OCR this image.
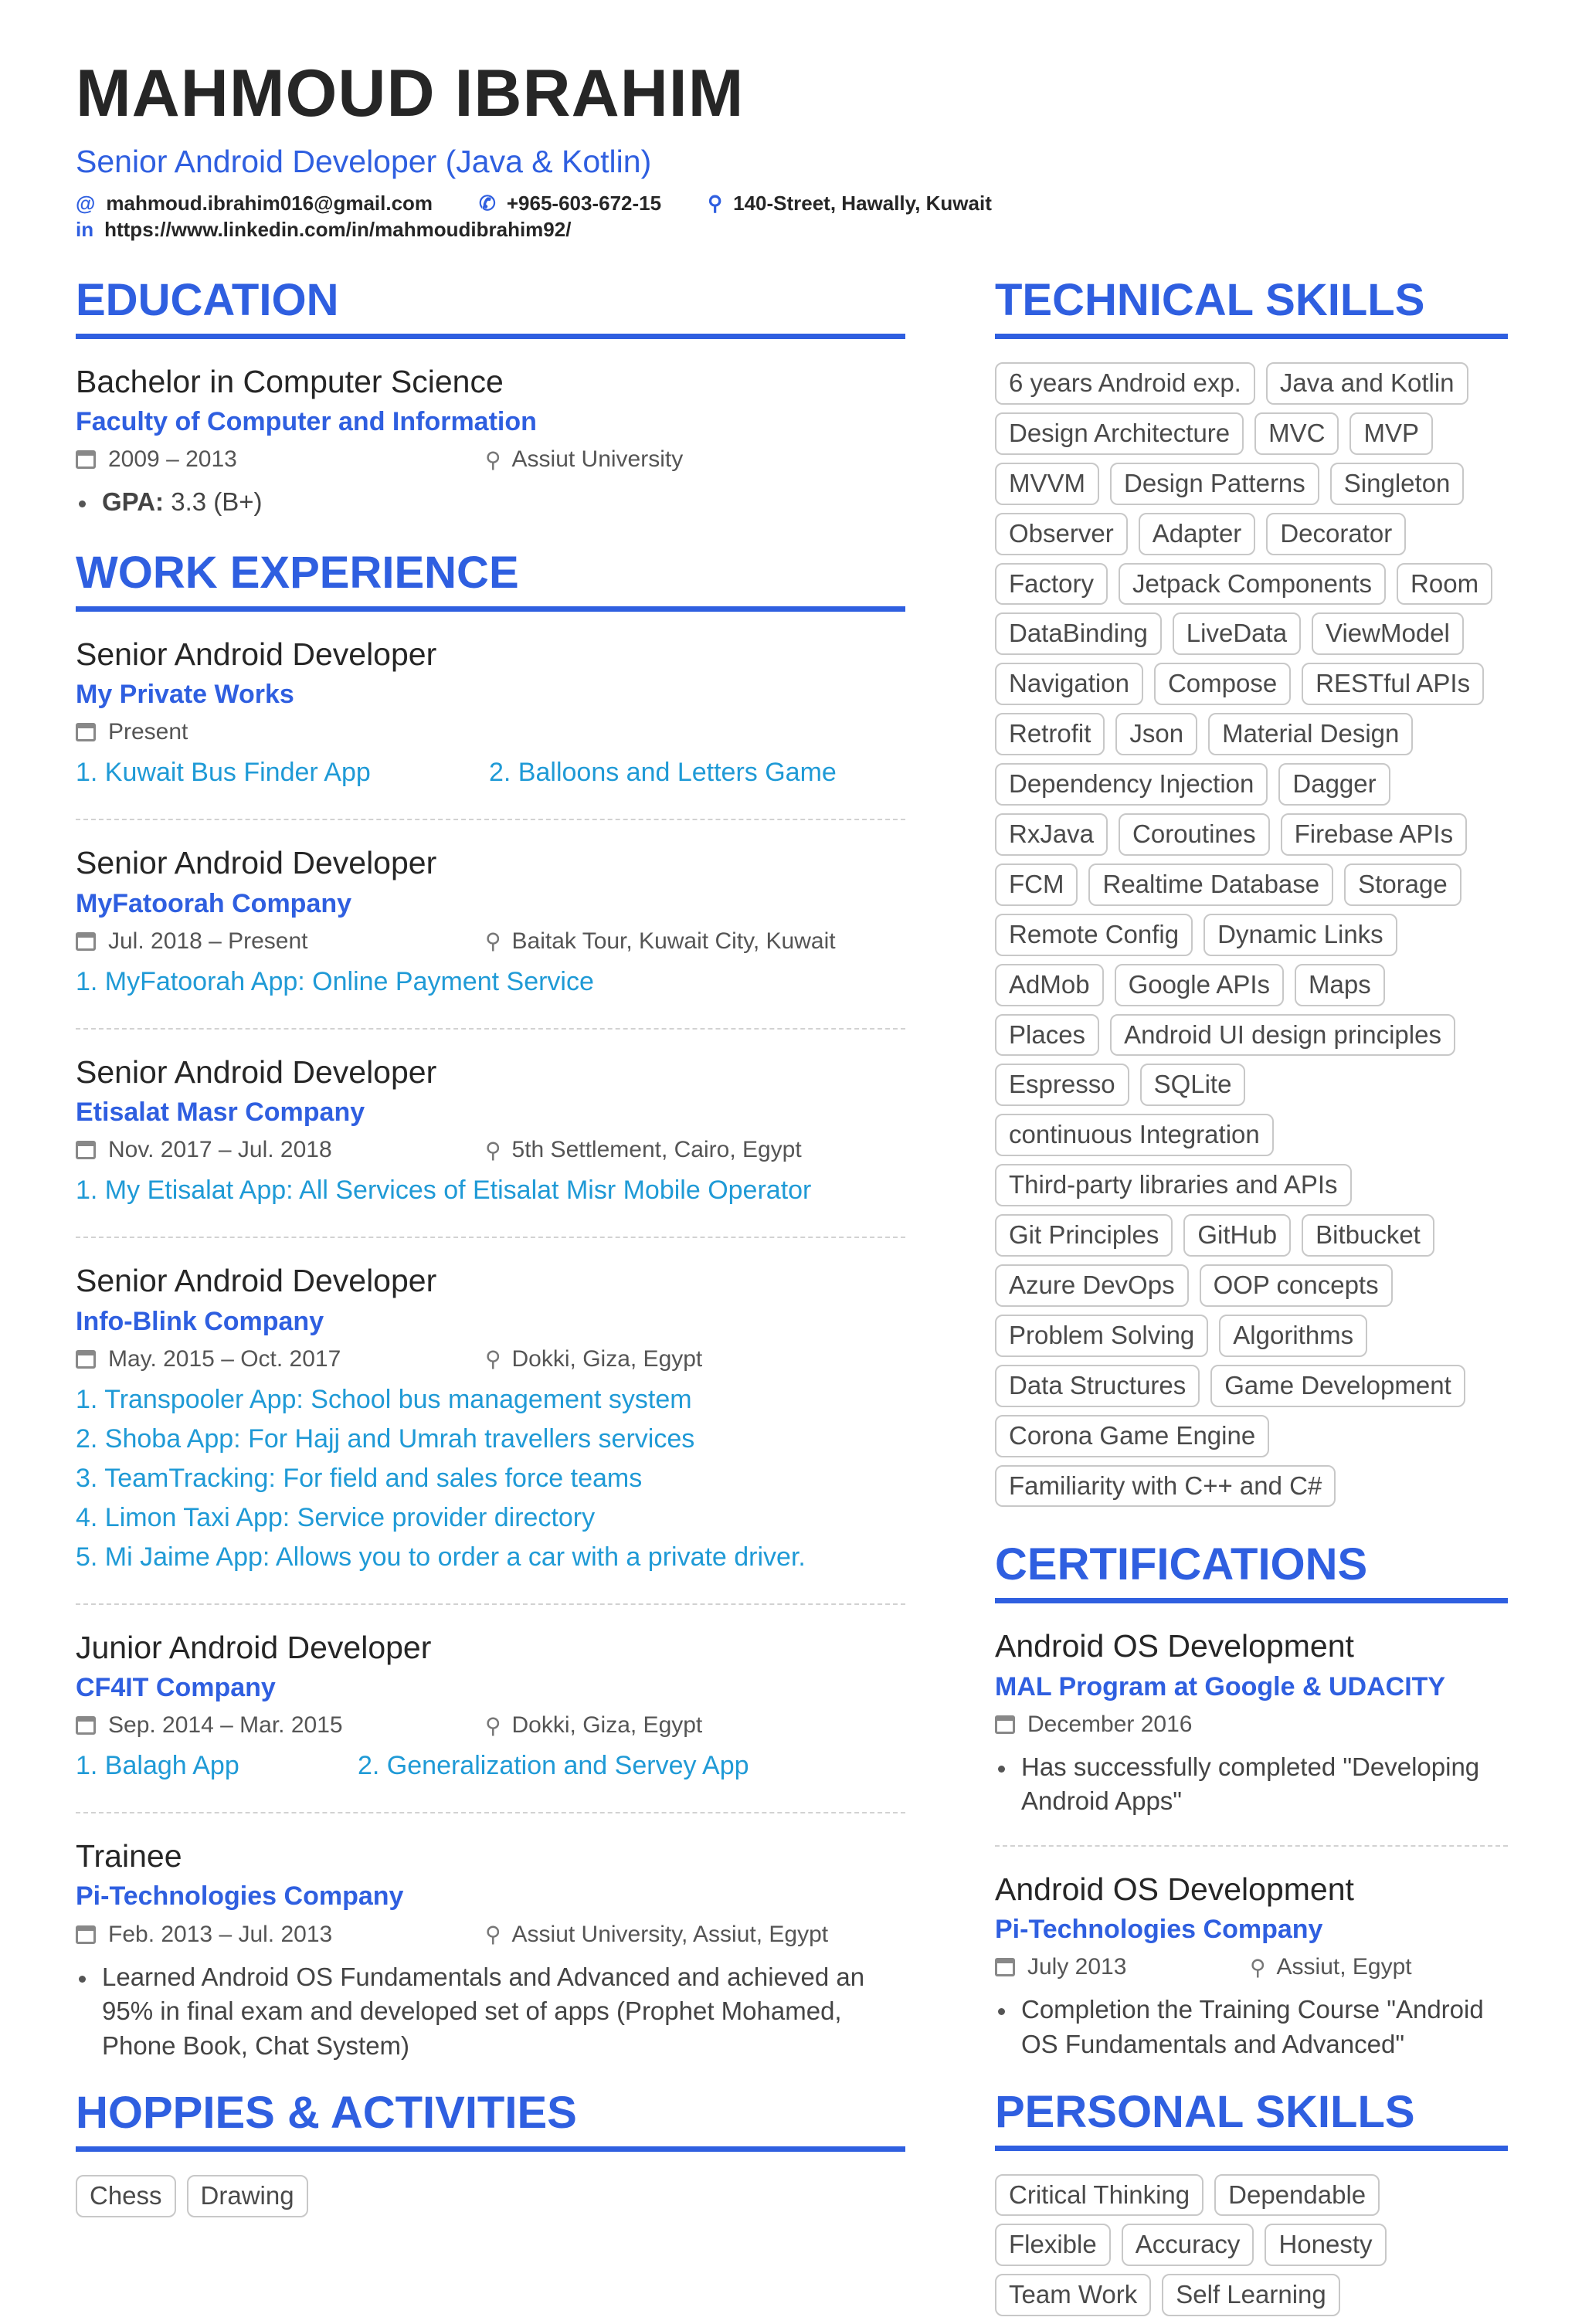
MAHMOUD IBRAHIM
Senior Android Developer (Java & Kotlin)
@ mahmoud.ibrahim016@gmail.com ✆ +965-603-672-15 ⚲ 140-Street, Hawally, Kuwait
in https://www.linkedin.com/in/mahmoudibrahim92/
EDUCATION
Bachelor in Computer Science
Faculty of Computer and Information
2009 – 2013	⚲ Assiut University
GPA: 3.3 (B+)
WORK EXPERIENCE
Senior Android Developer
My Private Works
Present
1. Kuwait Bus Finder App	2. Balloons and Letters Game
Senior Android Developer
MyFatoorah Company
Jul. 2018 – Present	⚲ Baitak Tour, Kuwait City, Kuwait
1. MyFatoorah App: Online Payment Service
Senior Android Developer
Etisalat Masr Company
Nov. 2017 – Jul. 2018	⚲ 5th Settlement, Cairo, Egypt
1. My Etisalat App: All Services of Etisalat Misr Mobile Operator
Senior Android Developer
Info-Blink Company
May. 2015 – Oct. 2017	⚲ Dokki, Giza, Egypt
1. Transpooler App: School bus management system
2. Shoba App: For Hajj and Umrah travellers services
3. TeamTracking: For field and sales force teams
4. Limon Taxi App: Service provider directory
5. Mi Jaime App: Allows you to order a car with a private driver.
Junior Android Developer
CF4IT Company
Sep. 2014 – Mar. 2015	⚲ Dokki, Giza, Egypt
1. Balagh App	2. Generalization and Servey App
Trainee
Pi-Technologies Company
Feb. 2013 – Jul. 2013	⚲ Assiut University, Assiut, Egypt
Learned Android OS Fundamentals and Advanced and achieved an 95% in final exam and developed set of apps (Prophet Mohamed, Phone Book, Chat System)
HOPPIES & ACTIVITIES
Chess	Drawing
TECHNICAL SKILLS
6 years Android exp.	Java and Kotlin
Design Architecture	MVC	MVP
MVVM	Design Patterns	Singleton
Observer	Adapter	Decorator
Factory	Jetpack Components	Room
DataBinding	LiveData	ViewModel
Navigation	Compose	RESTful APIs
Retrofit	Json	Material Design
Dependency Injection	Dagger
RxJava	Coroutines	Firebase APIs
FCM	Realtime Database	Storage
Remote Config	Dynamic Links
AdMob	Google APIs	Maps
Places	Android UI design principles
Espresso	SQLite
continuous Integration
Third-party libraries and APIs
Git Principles	GitHub	Bitbucket
Azure DevOps	OOP concepts
Problem Solving	Algorithms
Data Structures	Game Development
Corona Game Engine
Familiarity with C++ and C#
CERTIFICATIONS
Android OS Development
MAL Program at Google & UDACITY
December 2016
Has successfully completed "Developing Android Apps"
Android OS Development
Pi-Technologies Company
July 2013	⚲ Assiut, Egypt
Completion the Training Course "Android OS Fundamentals and Advanced"
PERSONAL SKILLS
Critical Thinking	Dependable
Flexible	Accuracy	Honesty
Team Work	Self Learning
